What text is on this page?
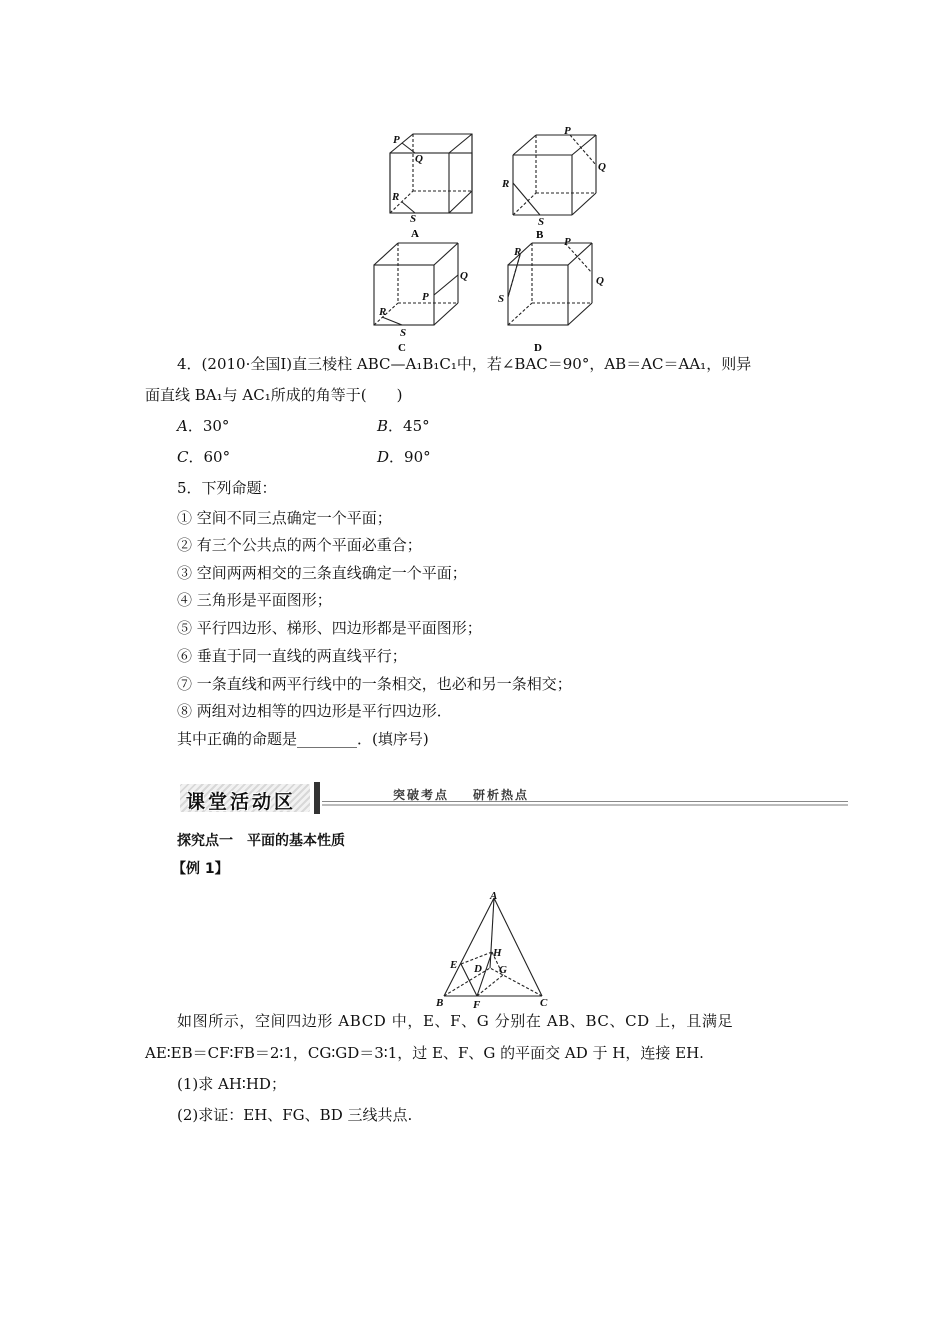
P
Q
R
S
A
P
Q
R
S
B
Q
P
R
S
C
R
P
Q
S
D
4．(2010·全国Ⅰ)直三棱柱 ABC—A₁B₁C₁中，若∠BAC＝90°，AB＝AC＝AA₁，则异
面直线 BA₁与 AC₁所成的角等于(　　)
A．30°	B．45°
C．60°	D．90°
5．下列命题：
① 空间不同三点确定一个平面；
② 有三个公共点的两个平面必重合；
③ 空间两两相交的三条直线确定一个平面；
④ 三角形是平面图形；
⑤ 平行四边形、梯形、四边形都是平面图形；
⑥ 垂直于同一直线的两直线平行；
⑦ 一条直线和两平行线中的一条相交，也必和另一条相交；
⑧ 两组对边相等的四边形是平行四边形．
其中正确的命题是________．(填序号)
课堂活动区	突破考点 研析热点
探究点一　平面的基本性质
【例 1】
A
H
E D G
B	F	C
如图所示，空间四边形 ABCD 中，E、F、G 分别在 AB、BC、CD 上，且满足
AE∶EB＝CF∶FB＝2∶1，CG∶GD＝3∶1，过 E、F、G 的平面交 AD 于 H，连接 EH.
(1)求 AH∶HD；
(2)求证：EH、FG、BD 三线共点.
